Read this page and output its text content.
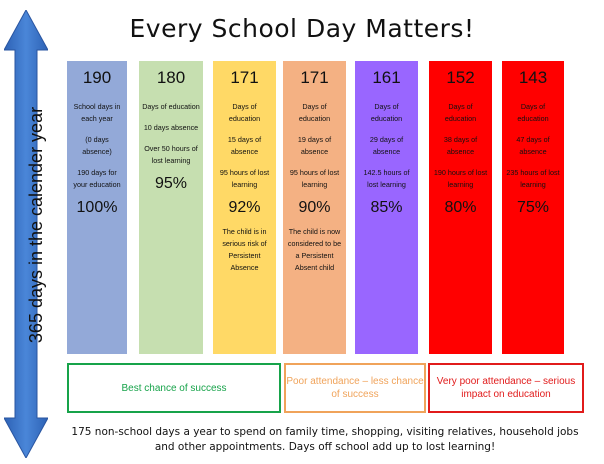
Every School Day Matters!
365 days in the calender year
190
School days in each year
(0 days absence)
190 days for your education
100%
180
Days of education
10 days absence
Over 50 hours of lost learning
95%
171
Days of education
15 days of absence
95 hours of lost learning
92%
The child is in serious risk of Persistent Absence
171
Days of education
19 days of absence
95 hours of lost learning
90%
The child is now considered to be a Persistent Absent child
161
Days of education
29 days of absence
142.5 hours of lost learning
85%
152
Days of education
38 days of absence
190 hours of lost learning
80%
143
Days of education
47 days of absence
235 hours of lost learning
75%
Best chance of success
Poor attendance – less chance of success
Very poor attendance – serious impact on education
175 non-school days a year to spend on family time, shopping, visiting relatives, household jobs and other appointments. Days off school add up to lost learning!
